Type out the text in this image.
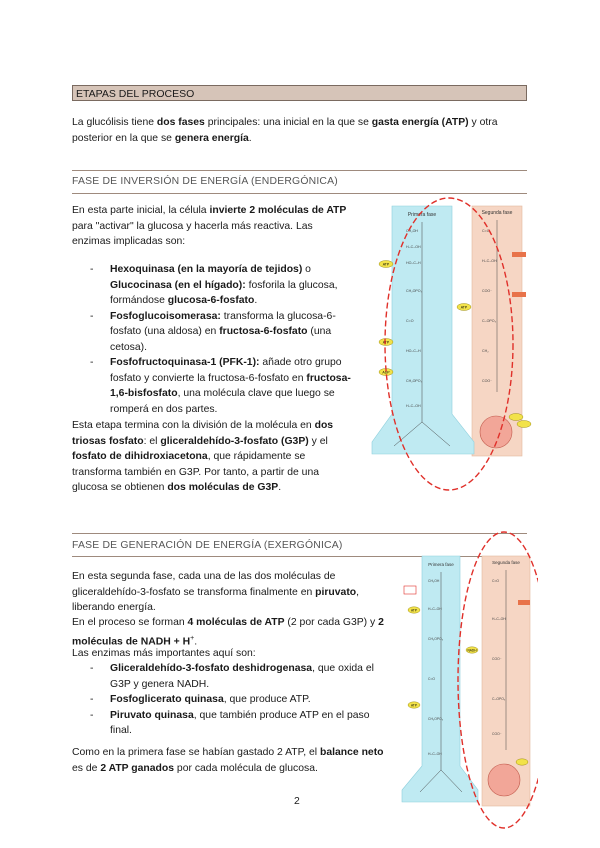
ETAPAS DEL PROCESO
La glucólisis tiene dos fases principales: una inicial en la que se gasta energía (ATP) y otra posterior en la que se genera energía.
FASE DE INVERSIÓN DE ENERGÍA (ENDERGÓNICA)
En esta parte inicial, la célula invierte 2 moléculas de ATP para "activar" la glucosa y hacerla más reactiva. Las enzimas implicadas son:
- Hexoquinasa (en la mayoría de tejidos) o Glucocinasa (en el hígado): fosforila la glucosa, formándose glucosa-6-fosfato.
- Fosfoglucoisomerasa: transforma la glucosa-6-fosfato (una aldosa) en fructosa-6-fosfato (una cetosa).
- Fosfofructoquinasa-1 (PFK-1): añade otro grupo fosfato y convierte la fructosa-6-fosfato en fructosa-1,6-bisfosfato, una molécula clave que luego se romperá en dos partes.
Esta etapa termina con la división de la molécula en dos triosas fosfato: el gliceraldehído-3-fosfato (G3P) y el fosfato de dihidroxiacetona, que rápidamente se transforma también en G3P. Por tanto, a partir de una glucosa se obtienen dos moléculas de G3P.
Primera fase	Segunda fase
CH₂OH
H–C–OH
HO–C–H
CH₂OPO₃
C=O
HO–C–H
CH₂OPO₃
H–C–OH
C=O
H–C–OH
COO⁻
C–OPO₃
CH₂
COO⁻
ATP
ATP
ADP
ATP
FASE DE GENERACIÓN DE ENERGÍA (EXERGÓNICA)
En esta segunda fase, cada una de las dos moléculas de gliceraldehído-3-fosfato se transforma finalmente en piruvato, liberando energía.
En el proceso se forman 4 moléculas de ATP (2 por cada G3P) y 2 moléculas de NADH + H+.
Las enzimas más importantes aquí son:
- Gliceraldehído-3-fosfato deshidrogenasa, que oxida el G3P y genera NADH.
- Fosfoglicerato quinasa, que produce ATP.
- Piruvato quinasa, que también produce ATP en el paso final.
Como en la primera fase se habían gastado 2 ATP, el balance neto es de 2 ATP ganados por cada molécula de glucosa.
Primera fase	Segunda fase
CH₂OH
H–C–OH
CH₂OPO₃
C=O
CH₂OPO₃
H–C–OH
C=O
H–C–OH
COO⁻
C–OPO₃
COO⁻
ATP
ATP
NADH
2
